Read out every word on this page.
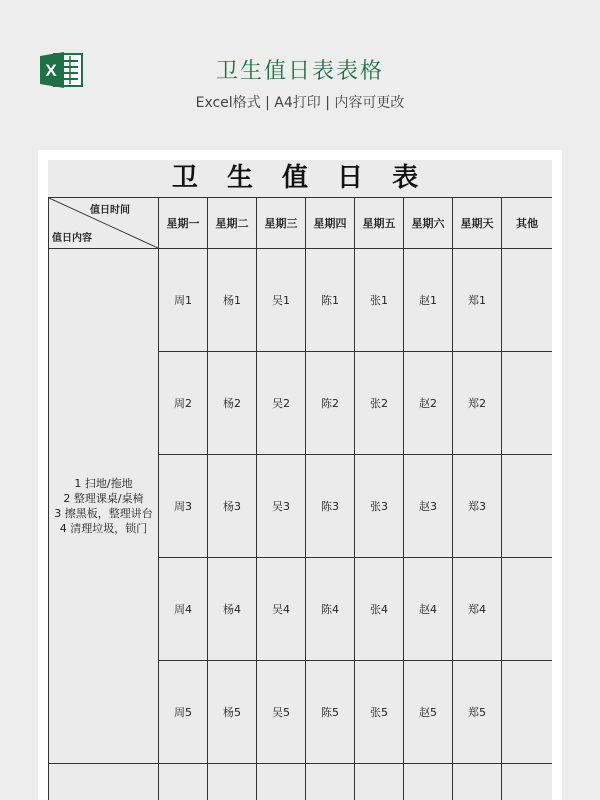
X	卫生值日表表格
Excel格式 | A4打印 | 内容可更改
卫 生 值 日 表
值日时间
值日内容	星期一	星期二	星期三	星期四	星期五	星期六	星期天	其他

1 扫地/拖地
2 整理课桌/桌椅
3 擦黑板，整理讲台
4 清理垃圾，锁门	周1	杨1	吴1	陈1	张1	赵1	郑1	
	周2	杨2	吴2	陈2	张2	赵2	郑2	
	周3	杨3	吴3	陈3	张3	赵3	郑3	
	周4	杨4	吴4	陈4	张4	赵4	郑4	
	周5	杨5	吴5	陈5	张5	赵5	郑5	
